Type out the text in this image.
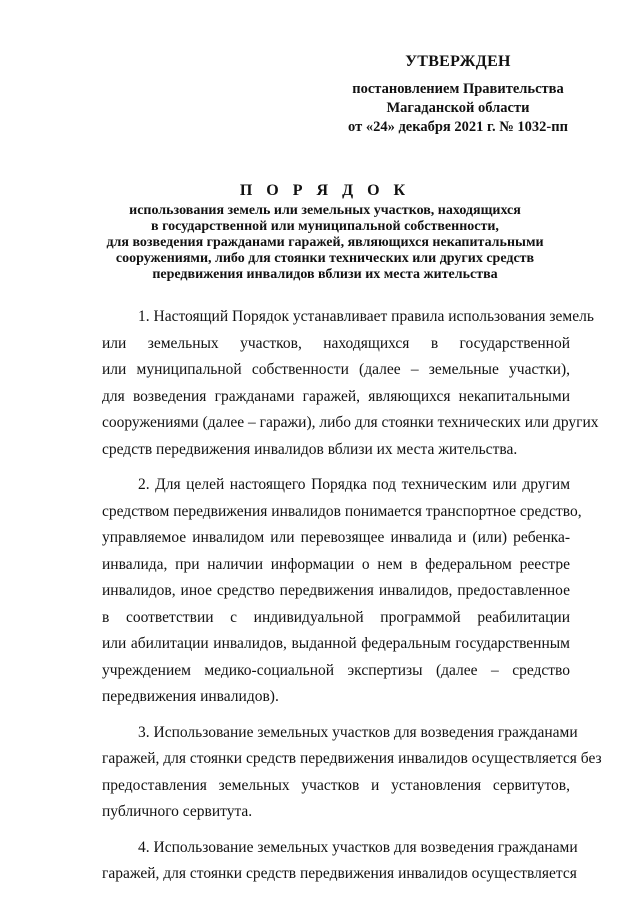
УТВЕРЖДЕН
постановлением Правительства
Магаданской области
от «24» декабря 2021 г. № 1032-пп
П О Р Я Д О К
использования земель или земельных участков, находящихся
в государственной или муниципальной собственности,
для возведения гражданами гаражей, являющихся некапитальными
сооружениями, либо для стоянки технических или других средств
передвижения инвалидов вблизи их места жительства
1. Настоящий Порядок устанавливает правила использования земель
или земельных участков, находящихся в государственной
или муниципальной собственности (далее – земельные участки),
для возведения гражданами гаражей, являющихся некапитальными
сооружениями (далее – гаражи), либо для стоянки технических или других
средств передвижения инвалидов вблизи их места жительства.
2. Для целей настоящего Порядка под техническим или другим
средством передвижения инвалидов понимается транспортное средство,
управляемое инвалидом или перевозящее инвалида и (или) ребенка-
инвалида, при наличии информации о нем в федеральном реестре
инвалидов, иное средство передвижения инвалидов, предоставленное
в соответствии с индивидуальной программой реабилитации
или абилитации инвалидов, выданной федеральным государственным
учреждением медико-социальной экспертизы (далее – средство
передвижения инвалидов).
3. Использование земельных участков для возведения гражданами
гаражей, для стоянки средств передвижения инвалидов осуществляется без
предоставления земельных участков и установления сервитутов,
публичного сервитута.
4. Использование земельных участков для возведения гражданами
гаражей, для стоянки средств передвижения инвалидов осуществляется
